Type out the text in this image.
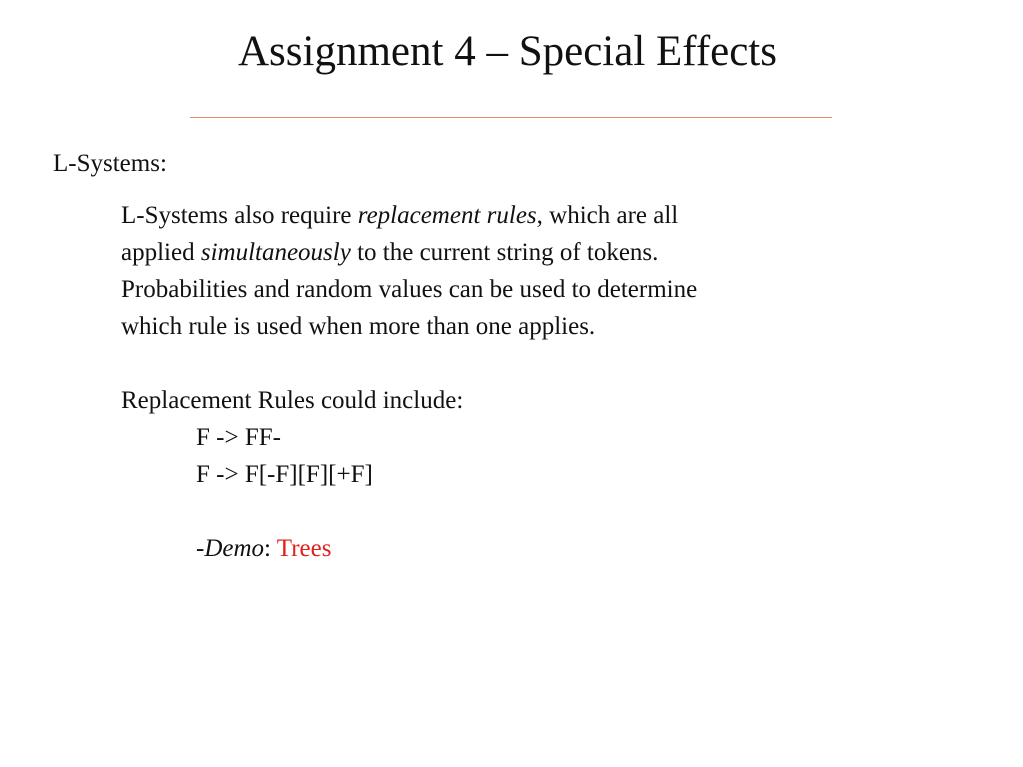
Assignment 4 – Special Effects

L-Systems:

L-Systems also require replacement rules, which are all

applied simultaneously to the current string of tokens.

Probabilities and random values can be used to determine

which rule is used when more than one applies.

Replacement Rules could include:

F -> FF-

F -> F[-F][F][+F]

-Demo: Trees
